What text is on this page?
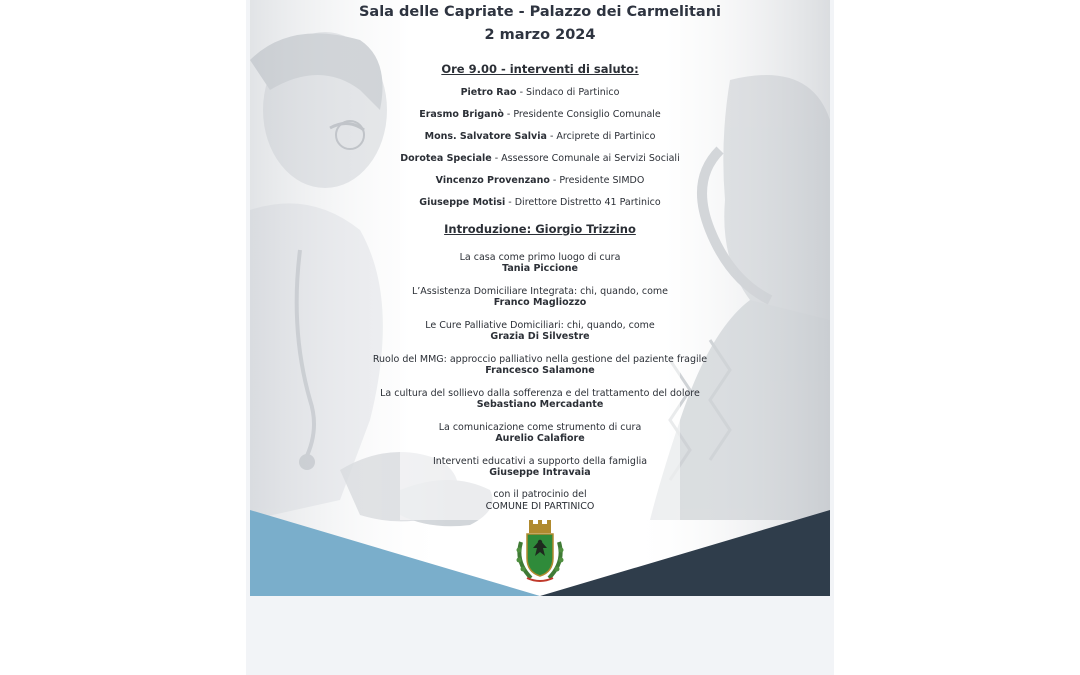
Sala delle Capriate - Palazzo dei Carmelitani
2 marzo 2024
Ore 9.00 - interventi di saluto:
Pietro Rao - Sindaco di Partinico
Erasmo Briganò - Presidente Consiglio Comunale
Mons. Salvatore Salvia - Arciprete di Partinico
Dorotea Speciale - Assessore Comunale ai Servizi Sociali
Vincenzo Provenzano - Presidente SIMDO
Giuseppe Motisi - Direttore Distretto 41 Partinico
Introduzione: Giorgio Trizzino
La casa come primo luogo di cura
Tania Piccione
L’Assistenza Domiciliare Integrata: chi, quando, come
Franco Magliozzo
Le Cure Palliative Domiciliari: chi, quando, come
Grazia Di Silvestre
Ruolo del MMG: approccio palliativo nella gestione del paziente fragile
Francesco Salamone
La cultura del sollievo dalla sofferenza e del trattamento del dolore
Sebastiano Mercadante
La comunicazione come strumento di cura
Aurelio Calafiore
Interventi educativi a supporto della famiglia
Giuseppe Intravaia
con il patrocinio del
COMUNE DI PARTINICO
